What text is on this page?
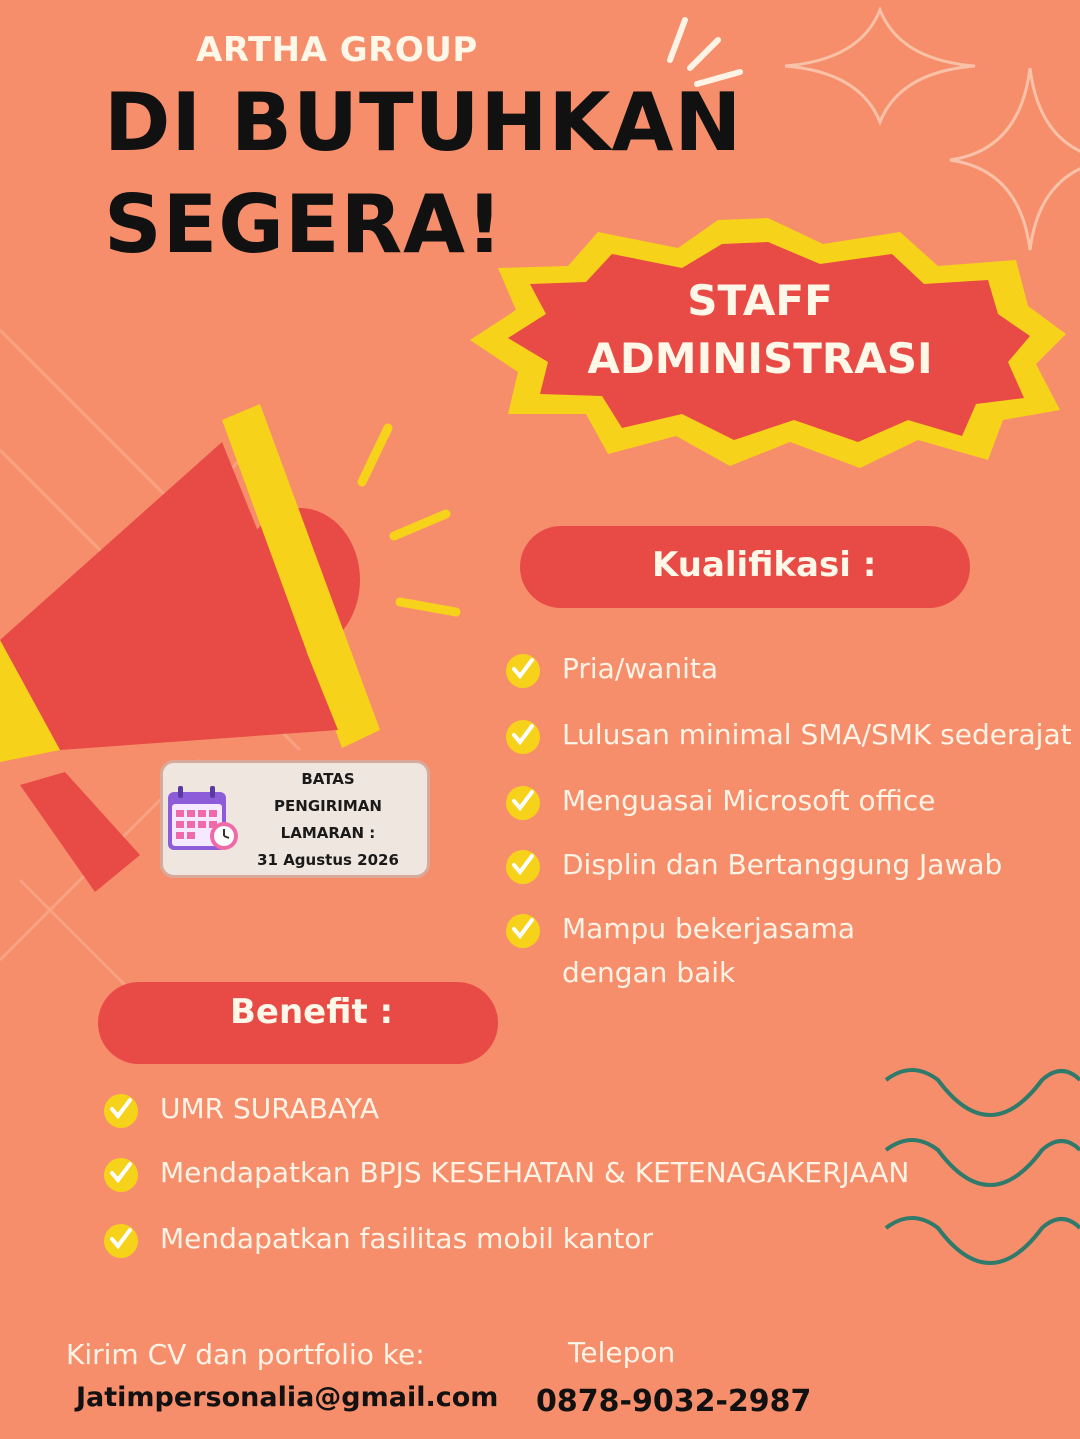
ARTHA GROUP
DI BUTUHKAN
SEGERA!
STAFF
ADMINISTRASI
BATAS
PENGIRIMAN
LAMARAN :
31 Agustus 2026
Kualifikasi :
Pria/wanita
Lulusan minimal SMA/SMK sederajat
Menguasai Microsoft office
Displin dan Bertanggung Jawab
Mampu bekerjasama
dengan baik
Benefit :
UMR SURABAYA
Mendapatkan BPJS KESEHATAN & KETENAGAKERJAAN
Mendapatkan fasilitas mobil kantor
Kirim CV dan portfolio ke:
Jatimpersonalia@gmail.com
Telepon
0878-9032-2987
